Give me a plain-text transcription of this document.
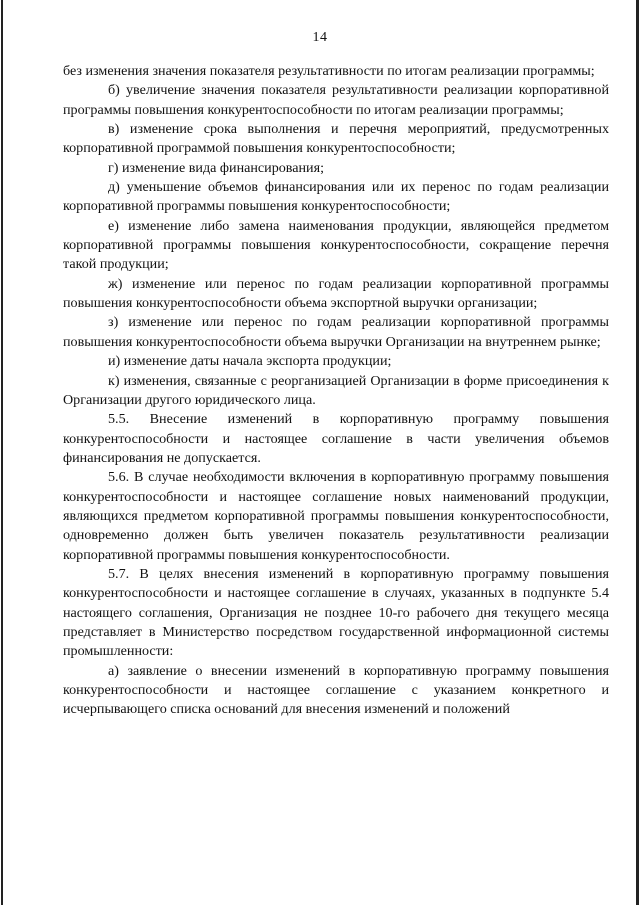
14

без изменения значения показателя результативности по итогам реализации программы;

б) увеличение значения показателя результативности реализации корпоративной программы повышения конкурентоспособности по итогам реализации программы;

в) изменение срока выполнения и перечня мероприятий, предусмотренных корпоративной программой повышения конкурентоспособности;

г) изменение вида финансирования;

д) уменьшение объемов финансирования или их перенос по годам реализации корпоративной программы повышения конкурентоспособности;

е) изменение либо замена наименования продукции, являющейся предметом корпоративной программы повышения конкурентоспособности, сокращение перечня такой продукции;

ж) изменение или перенос по годам реализации корпоративной программы повышения конкурентоспособности объема экспортной выручки организации;

з) изменение или перенос по годам реализации корпоративной программы повышения конкурентоспособности объема выручки Организации на внутреннем рынке;

и) изменение даты начала экспорта продукции;

к) изменения, связанные с реорганизацией Организации в форме присоединения к Организации другого юридического лица.

5.5. Внесение изменений в корпоративную программу повышения конкурентоспособности и настоящее соглашение в части увеличения объемов финансирования не допускается.

5.6. В случае необходимости включения в корпоративную программу повышения конкурентоспособности и настоящее соглашение новых наименований продукции, являющихся предметом корпоративной программы повышения конкурентоспособности, одновременно должен быть увеличен показатель результативности реализации корпоративной программы повышения конкурентоспособности.

5.7. В целях внесения изменений в корпоративную программу повышения конкурентоспособности и настоящее соглашение в случаях, указанных в подпункте 5.4 настоящего соглашения, Организация не позднее 10-го рабочего дня текущего месяца представляет в Министерство посредством государственной информационной системы промышленности:

а) заявление о внесении изменений в корпоративную программу повышения конкурентоспособности и настоящее соглашение с указанием конкретного и исчерпывающего списка оснований для внесения изменений и положений
